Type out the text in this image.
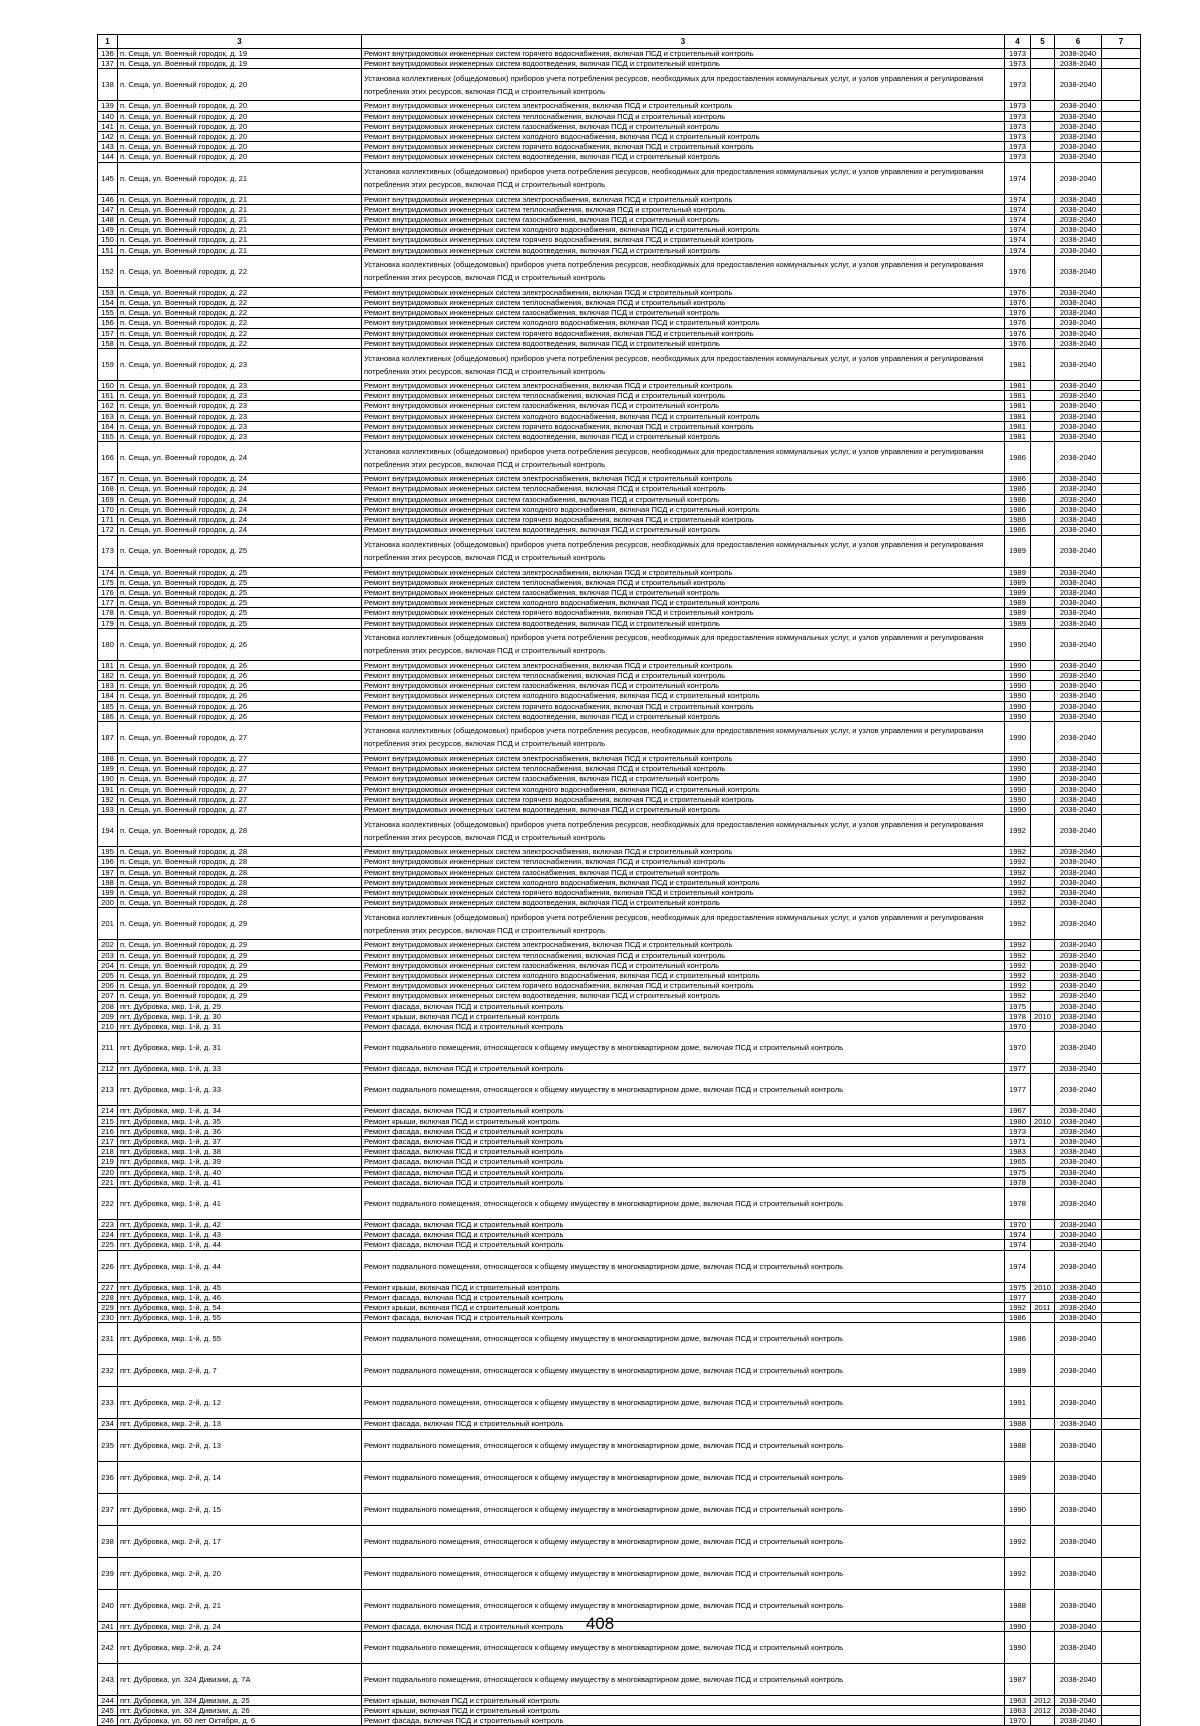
1	3	3	4	5	6	7
136	п. Сеща, ул. Военный городок, д. 19	Ремонт внутридомовых инженерных систем горячего водоснабжения, включая ПСД и строительный контроль	1973		2038-2040	
137	п. Сеща, ул. Военный городок, д. 19	Ремонт внутридомовых инженерных систем водоотведения, включая ПСД и строительный контроль	1973		2038-2040	
138	п. Сеща, ул. Военный городок, д. 20	Установка коллективных (общедомовых) приборов учета потребления ресурсов, необходимых для предоставления коммунальных услуг, и узлов управления и регулирования потребления этих ресурсов, включая ПСД и строительный контроль	1973		2038-2040	
139	п. Сеща, ул. Военный городок, д. 20	Ремонт внутридомовых инженерных систем электроснабжения, включая ПСД и строительный контроль	1973		2038-2040	
140	п. Сеща, ул. Военный городок, д. 20	Ремонт внутридомовых инженерных систем теплоснабжения, включая ПСД и строительный контроль	1973		2038-2040	
141	п. Сеща, ул. Военный городок, д. 20	Ремонт внутридомовых инженерных систем газоснабжения, включая ПСД и строительный контроль	1973		2038-2040	
142	п. Сеща, ул. Военный городок, д. 20	Ремонт внутридомовых инженерных систем холодного водоснабжения, включая ПСД и строительный контроль	1973		2038-2040	
143	п. Сеща, ул. Военный городок, д. 20	Ремонт внутридомовых инженерных систем горячего водоснабжения, включая ПСД и строительный контроль	1973		2038-2040	
144	п. Сеща, ул. Военный городок, д. 20	Ремонт внутридомовых инженерных систем водоотведения, включая ПСД и строительный контроль	1973		2038-2040	
145	п. Сеща, ул. Военный городок, д. 21	Установка коллективных (общедомовых) приборов учета потребления ресурсов, необходимых для предоставления коммунальных услуг, и узлов управления и регулирования потребления этих ресурсов, включая ПСД и строительный контроль	1974		2038-2040	
146	п. Сеща, ул. Военный городок, д. 21	Ремонт внутридомовых инженерных систем электроснабжения, включая ПСД и строительный контроль	1974		2038-2040	
147	п. Сеща, ул. Военный городок, д. 21	Ремонт внутридомовых инженерных систем теплоснабжения, включая ПСД и строительный контроль	1974		2038-2040	
148	п. Сеща, ул. Военный городок, д. 21	Ремонт внутридомовых инженерных систем газоснабжения, включая ПСД и строительный контроль	1974		2038-2040	
149	п. Сеща, ул. Военный городок, д. 21	Ремонт внутридомовых инженерных систем холодного водоснабжения, включая ПСД и строительный контроль	1974		2038-2040	
150	п. Сеща, ул. Военный городок, д. 21	Ремонт внутридомовых инженерных систем горячего водоснабжения, включая ПСД и строительный контроль	1974		2038-2040	
151	п. Сеща, ул. Военный городок, д. 21	Ремонт внутридомовых инженерных систем водоотведения, включая ПСД и строительный контроль	1974		2038-2040	
152	п. Сеща, ул. Военный городок, д. 22	Установка коллективных (общедомовых) приборов учета потребления ресурсов, необходимых для предоставления коммунальных услуг, и узлов управления и регулирования потребления этих ресурсов, включая ПСД и строительный контроль	1976		2038-2040	
153	п. Сеща, ул. Военный городок, д. 22	Ремонт внутридомовых инженерных систем электроснабжения, включая ПСД и строительный контроль	1976		2038-2040	
154	п. Сеща, ул. Военный городок, д. 22	Ремонт внутридомовых инженерных систем теплоснабжения, включая ПСД и строительный контроль	1976		2038-2040	
155	п. Сеща, ул. Военный городок, д. 22	Ремонт внутридомовых инженерных систем газоснабжения, включая ПСД и строительный контроль	1976		2038-2040	
156	п. Сеща, ул. Военный городок, д. 22	Ремонт внутридомовых инженерных систем холодного водоснабжения, включая ПСД и строительный контроль	1976		2038-2040	
157	п. Сеща, ул. Военный городок, д. 22	Ремонт внутридомовых инженерных систем горячего водоснабжения, включая ПСД и строительный контроль	1976		2038-2040	
158	п. Сеща, ул. Военный городок, д. 22	Ремонт внутридомовых инженерных систем водоотведения, включая ПСД и строительный контроль	1976		2038-2040	
159	п. Сеща, ул. Военный городок, д. 23	Установка коллективных (общедомовых) приборов учета потребления ресурсов, необходимых для предоставления коммунальных услуг, и узлов управления и регулирования потребления этих ресурсов, включая ПСД и строительный контроль	1981		2038-2040	
160	п. Сеща, ул. Военный городок, д. 23	Ремонт внутридомовых инженерных систем электроснабжения, включая ПСД и строительный контроль	1981		2038-2040	
161	п. Сеща, ул. Военный городок, д. 23	Ремонт внутридомовых инженерных систем теплоснабжения, включая ПСД и строительный контроль	1981		2038-2040	
162	п. Сеща, ул. Военный городок, д. 23	Ремонт внутридомовых инженерных систем газоснабжения, включая ПСД и строительный контроль	1981		2038-2040	
163	п. Сеща, ул. Военный городок, д. 23	Ремонт внутридомовых инженерных систем холодного водоснабжения, включая ПСД и строительный контроль	1981		2038-2040	
164	п. Сеща, ул. Военный городок, д. 23	Ремонт внутридомовых инженерных систем горячего водоснабжения, включая ПСД и строительный контроль	1981		2038-2040	
165	п. Сеща, ул. Военный городок, д. 23	Ремонт внутридомовых инженерных систем водоотведения, включая ПСД и строительный контроль	1981		2038-2040	
166	п. Сеща, ул. Военный городок, д. 24	Установка коллективных (общедомовых) приборов учета потребления ресурсов, необходимых для предоставления коммунальных услуг, и узлов управления и регулирования потребления этих ресурсов, включая ПСД и строительный контроль	1986		2038-2040	
167	п. Сеща, ул. Военный городок, д. 24	Ремонт внутридомовых инженерных систем электроснабжения, включая ПСД и строительный контроль	1986		2038-2040	
168	п. Сеща, ул. Военный городок, д. 24	Ремонт внутридомовых инженерных систем теплоснабжения, включая ПСД и строительный контроль	1986		2038-2040	
169	п. Сеща, ул. Военный городок, д. 24	Ремонт внутридомовых инженерных систем газоснабжения, включая ПСД и строительный контроль	1986		2038-2040	
170	п. Сеща, ул. Военный городок, д. 24	Ремонт внутридомовых инженерных систем холодного водоснабжения, включая ПСД и строительный контроль	1986		2038-2040	
171	п. Сеща, ул. Военный городок, д. 24	Ремонт внутридомовых инженерных систем горячего водоснабжения, включая ПСД и строительный контроль	1986		2038-2040	
172	п. Сеща, ул. Военный городок, д. 24	Ремонт внутридомовых инженерных систем водоотведения, включая ПСД и строительный контроль	1986		2038-2040	
173	п. Сеща, ул. Военный городок, д. 25	Установка коллективных (общедомовых) приборов учета потребления ресурсов, необходимых для предоставления коммунальных услуг, и узлов управления и регулирования потребления этих ресурсов, включая ПСД и строительный контроль	1989		2038-2040	
174	п. Сеща, ул. Военный городок, д. 25	Ремонт внутридомовых инженерных систем электроснабжения, включая ПСД и строительный контроль	1989		2038-2040	
175	п. Сеща, ул. Военный городок, д. 25	Ремонт внутридомовых инженерных систем теплоснабжения, включая ПСД и строительный контроль	1989		2038-2040	
176	п. Сеща, ул. Военный городок, д. 25	Ремонт внутридомовых инженерных систем газоснабжения, включая ПСД и строительный контроль	1989		2038-2040	
177	п. Сеща, ул. Военный городок, д. 25	Ремонт внутридомовых инженерных систем холодного водоснабжения, включая ПСД и строительный контроль	1989		2038-2040	
178	п. Сеща, ул. Военный городок, д. 25	Ремонт внутридомовых инженерных систем горячего водоснабжения, включая ПСД и строительный контроль	1989		2038-2040	
179	п. Сеща, ул. Военный городок, д. 25	Ремонт внутридомовых инженерных систем водоотведения, включая ПСД и строительный контроль	1989		2038-2040	
180	п. Сеща, ул. Военный городок, д. 26	Установка коллективных (общедомовых) приборов учета потребления ресурсов, необходимых для предоставления коммунальных услуг, и узлов управления и регулирования потребления этих ресурсов, включая ПСД и строительный контроль	1990		2038-2040	
181	п. Сеща, ул. Военный городок, д. 26	Ремонт внутридомовых инженерных систем электроснабжения, включая ПСД и строительный контроль	1990		2038-2040	
182	п. Сеща, ул. Военный городок, д. 26	Ремонт внутридомовых инженерных систем теплоснабжения, включая ПСД и строительный контроль	1990		2038-2040	
183	п. Сеща, ул. Военный городок, д. 26	Ремонт внутридомовых инженерных систем газоснабжения, включая ПСД и строительный контроль	1990		2038-2040	
184	п. Сеща, ул. Военный городок, д. 26	Ремонт внутридомовых инженерных систем холодного водоснабжения, включая ПСД и строительный контроль	1990		2038-2040	
185	п. Сеща, ул. Военный городок, д. 26	Ремонт внутридомовых инженерных систем горячего водоснабжения, включая ПСД и строительный контроль	1990		2038-2040	
186	п. Сеща, ул. Военный городок, д. 26	Ремонт внутридомовых инженерных систем водоотведения, включая ПСД и строительный контроль	1990		2038-2040	
187	п. Сеща, ул. Военный городок, д. 27	Установка коллективных (общедомовых) приборов учета потребления ресурсов, необходимых для предоставления коммунальных услуг, и узлов управления и регулирования потребления этих ресурсов, включая ПСД и строительный контроль	1990		2038-2040	
188	п. Сеща, ул. Военный городок, д. 27	Ремонт внутридомовых инженерных систем электроснабжения, включая ПСД и строительный контроль	1990		2038-2040	
189	п. Сеща, ул. Военный городок, д. 27	Ремонт внутридомовых инженерных систем теплоснабжения, включая ПСД и строительный контроль	1990		2038-2040	
190	п. Сеща, ул. Военный городок, д. 27	Ремонт внутридомовых инженерных систем газоснабжения, включая ПСД и строительный контроль	1990		2038-2040	
191	п. Сеща, ул. Военный городок, д. 27	Ремонт внутридомовых инженерных систем холодного водоснабжения, включая ПСД и строительный контроль	1990		2038-2040	
192	п. Сеща, ул. Военный городок, д. 27	Ремонт внутридомовых инженерных систем горячего водоснабжения, включая ПСД и строительный контроль	1990		2038-2040	
193	п. Сеща, ул. Военный городок, д. 27	Ремонт внутридомовых инженерных систем водоотведения, включая ПСД и строительный контроль	1990		2038-2040	
194	п. Сеща, ул. Военный городок, д. 28	Установка коллективных (общедомовых) приборов учета потребления ресурсов, необходимых для предоставления коммунальных услуг, и узлов управления и регулирования потребления этих ресурсов, включая ПСД и строительный контроль	1992		2038-2040	
195	п. Сеща, ул. Военный городок, д. 28	Ремонт внутридомовых инженерных систем электроснабжения, включая ПСД и строительный контроль	1992		2038-2040	
196	п. Сеща, ул. Военный городок, д. 28	Ремонт внутридомовых инженерных систем теплоснабжения, включая ПСД и строительный контроль	1992		2038-2040	
197	п. Сеща, ул. Военный городок, д. 28	Ремонт внутридомовых инженерных систем газоснабжения, включая ПСД и строительный контроль	1992		2038-2040	
198	п. Сеща, ул. Военный городок, д. 28	Ремонт внутридомовых инженерных систем холодного водоснабжения, включая ПСД и строительный контроль	1992		2038-2040	
199	п. Сеща, ул. Военный городок, д. 28	Ремонт внутридомовых инженерных систем горячего водоснабжения, включая ПСД и строительный контроль	1992		2038-2040	
200	п. Сеща, ул. Военный городок, д. 28	Ремонт внутридомовых инженерных систем водоотведения, включая ПСД и строительный контроль	1992		2038-2040	
201	п. Сеща, ул. Военный городок, д. 29	Установка коллективных (общедомовых) приборов учета потребления ресурсов, необходимых для предоставления коммунальных услуг, и узлов управления и регулирования потребления этих ресурсов, включая ПСД и строительный контроль	1992		2038-2040	
202	п. Сеща, ул. Военный городок, д. 29	Ремонт внутридомовых инженерных систем электроснабжения, включая ПСД и строительный контроль	1992		2038-2040	
203	п. Сеща, ул. Военный городок, д. 29	Ремонт внутридомовых инженерных систем теплоснабжения, включая ПСД и строительный контроль	1992		2038-2040	
204	п. Сеща, ул. Военный городок, д. 29	Ремонт внутридомовых инженерных систем газоснабжения, включая ПСД и строительный контроль	1992		2038-2040	
205	п. Сеща, ул. Военный городок, д. 29	Ремонт внутридомовых инженерных систем холодного водоснабжения, включая ПСД и строительный контроль	1992		2038-2040	
206	п. Сеща, ул. Военный городок, д. 29	Ремонт внутридомовых инженерных систем горячего водоснабжения, включая ПСД и строительный контроль	1992		2038-2040	
207	п. Сеща, ул. Военный городок, д. 29	Ремонт внутридомовых инженерных систем водоотведения, включая ПСД и строительный контроль	1992		2038-2040	
208	пгт. Дубровка, мкр. 1-й, д. 29	Ремонт фасада, включая ПСД и строительный контроль	1975		2038-2040	
209	пгт. Дубровка, мкр. 1-й, д. 30	Ремонт крыши, включая ПСД и строительный контроль	1978	2010	2038-2040	
210	пгт. Дубровка, мкр. 1-й, д. 31	Ремонт фасада, включая ПСД и строительный контроль	1970		2038-2040	
211	пгт. Дубровка, мкр. 1-й, д. 31	Ремонт подвального помещения, относящегося к общему имуществу в многоквартирном доме, включая ПСД и строительный контроль	1970		2038-2040	
212	пгт. Дубровка, мкр. 1-й, д. 33	Ремонт фасада, включая ПСД и строительный контроль	1977		2038-2040	
213	пгт. Дубровка, мкр. 1-й, д. 33	Ремонт подвального помещения, относящегося к общему имуществу в многоквартирном доме, включая ПСД и строительный контроль	1977		2038-2040	
214	пгт. Дубровка, мкр. 1-й, д. 34	Ремонт фасада, включая ПСД и строительный контроль	1967		2038-2040	
215	пгт. Дубровка, мкр. 1-й, д. 35	Ремонт крыши, включая ПСД и строительный контроль	1980	2010	2038-2040	
216	пгт. Дубровка, мкр. 1-й, д. 36	Ремонт фасада, включая ПСД и строительный контроль	1973		2038-2040	
217	пгт. Дубровка, мкр. 1-й, д. 37	Ремонт фасада, включая ПСД и строительный контроль	1971		2038-2040	
218	пгт. Дубровка, мкр. 1-й, д. 38	Ремонт фасада, включая ПСД и строительный контроль	1983		2038-2040	
219	пгт. Дубровка, мкр. 1-й, д. 39	Ремонт фасада, включая ПСД и строительный контроль	1965		2038-2040	
220	пгт. Дубровка, мкр. 1-й, д. 40	Ремонт фасада, включая ПСД и строительный контроль	1975		2038-2040	
221	пгт. Дубровка, мкр. 1-й, д. 41	Ремонт фасада, включая ПСД и строительный контроль	1978		2038-2040	
222	пгт. Дубровка, мкр. 1-й, д. 41	Ремонт подвального помещения, относящегося к общему имуществу в многоквартирном доме, включая ПСД и строительный контроль	1978		2038-2040	
223	пгт. Дубровка, мкр. 1-й, д. 42	Ремонт фасада, включая ПСД и строительный контроль	1970		2038-2040	
224	пгт. Дубровка, мкр. 1-й, д. 43	Ремонт фасада, включая ПСД и строительный контроль	1974		2038-2040	
225	пгт. Дубровка, мкр. 1-й, д. 44	Ремонт фасада, включая ПСД и строительный контроль	1974		2038-2040	
226	пгт. Дубровка, мкр. 1-й, д. 44	Ремонт подвального помещения, относящегося к общему имуществу в многоквартирном доме, включая ПСД и строительный контроль	1974		2038-2040	
227	пгт. Дубровка, мкр. 1-й, д. 45	Ремонт крыши, включая ПСД и строительный контроль	1975	2010	2038-2040	
228	пгт. Дубровка, мкр. 1-й, д. 46	Ремонт фасада, включая ПСД и строительный контроль	1977		2038-2040	
229	пгт. Дубровка, мкр. 1-й, д. 54	Ремонт крыши, включая ПСД и строительный контроль	1992	2011	2038-2040	
230	пгт. Дубровка, мкр. 1-й, д. 55	Ремонт фасада, включая ПСД и строительный контроль	1986		2038-2040	
231	пгт. Дубровка, мкр. 1-й, д. 55	Ремонт подвального помещения, относящегося к общему имуществу в многоквартирном доме, включая ПСД и строительный контроль	1986		2038-2040	
232	пгт. Дубровка, мкр. 2-й, д. 7	Ремонт подвального помещения, относящегося к общему имуществу в многоквартирном доме, включая ПСД и строительный контроль	1989		2038-2040	
233	пгт. Дубровка, мкр. 2-й, д. 12	Ремонт подвального помещения, относящегося к общему имуществу в многоквартирном доме, включая ПСД и строительный контроль	1991		2038-2040	
234	пгт. Дубровка, мкр. 2-й, д. 13	Ремонт фасада, включая ПСД и строительный контроль	1988		2038-2040	
235	пгт. Дубровка, мкр. 2-й, д. 13	Ремонт подвального помещения, относящегося к общему имуществу в многоквартирном доме, включая ПСД и строительный контроль	1988		2038-2040	
236	пгт. Дубровка, мкр. 2-й, д. 14	Ремонт подвального помещения, относящегося к общему имуществу в многоквартирном доме, включая ПСД и строительный контроль	1989		2038-2040	
237	пгт. Дубровка, мкр. 2-й, д. 15	Ремонт подвального помещения, относящегося к общему имуществу в многоквартирном доме, включая ПСД и строительный контроль	1990		2038-2040	
238	пгт. Дубровка, мкр. 2-й, д. 17	Ремонт подвального помещения, относящегося к общему имуществу в многоквартирном доме, включая ПСД и строительный контроль	1992		2038-2040	
239	пгт. Дубровка, мкр. 2-й, д. 20	Ремонт подвального помещения, относящегося к общему имуществу в многоквартирном доме, включая ПСД и строительный контроль	1992		2038-2040	
240	пгт. Дубровка, мкр. 2-й, д. 21	Ремонт подвального помещения, относящегося к общему имуществу в многоквартирном доме, включая ПСД и строительный контроль	1988		2038-2040	
241	пгт. Дубровка, мкр. 2-й, д. 24	Ремонт фасада, включая ПСД и строительный контроль	1990		2038-2040	
242	пгт. Дубровка, мкр. 2-й, д. 24	Ремонт подвального помещения, относящегося к общему имуществу в многоквартирном доме, включая ПСД и строительный контроль	1990		2038-2040	
243	пгт. Дубровка, ул. 324 Дивизии, д. 7А	Ремонт подвального помещения, относящегося к общему имуществу в многоквартирном доме, включая ПСД и строительный контроль	1987		2038-2040	
244	пгт. Дубровка, ул. 324 Дивизии, д. 25	Ремонт крыши, включая ПСД и строительный контроль	1963	2012	2038-2040	
245	пгт. Дубровка, ул. 324 Дивизии, д. 26	Ремонт крыши, включая ПСД и строительный контроль	1963	2012	2038-2040	
246	пгт. Дубровка, ул. 60 лет Октября, д. 6	Ремонт фасада, включая ПСД и строительный контроль	1970		2038-2040	
408
